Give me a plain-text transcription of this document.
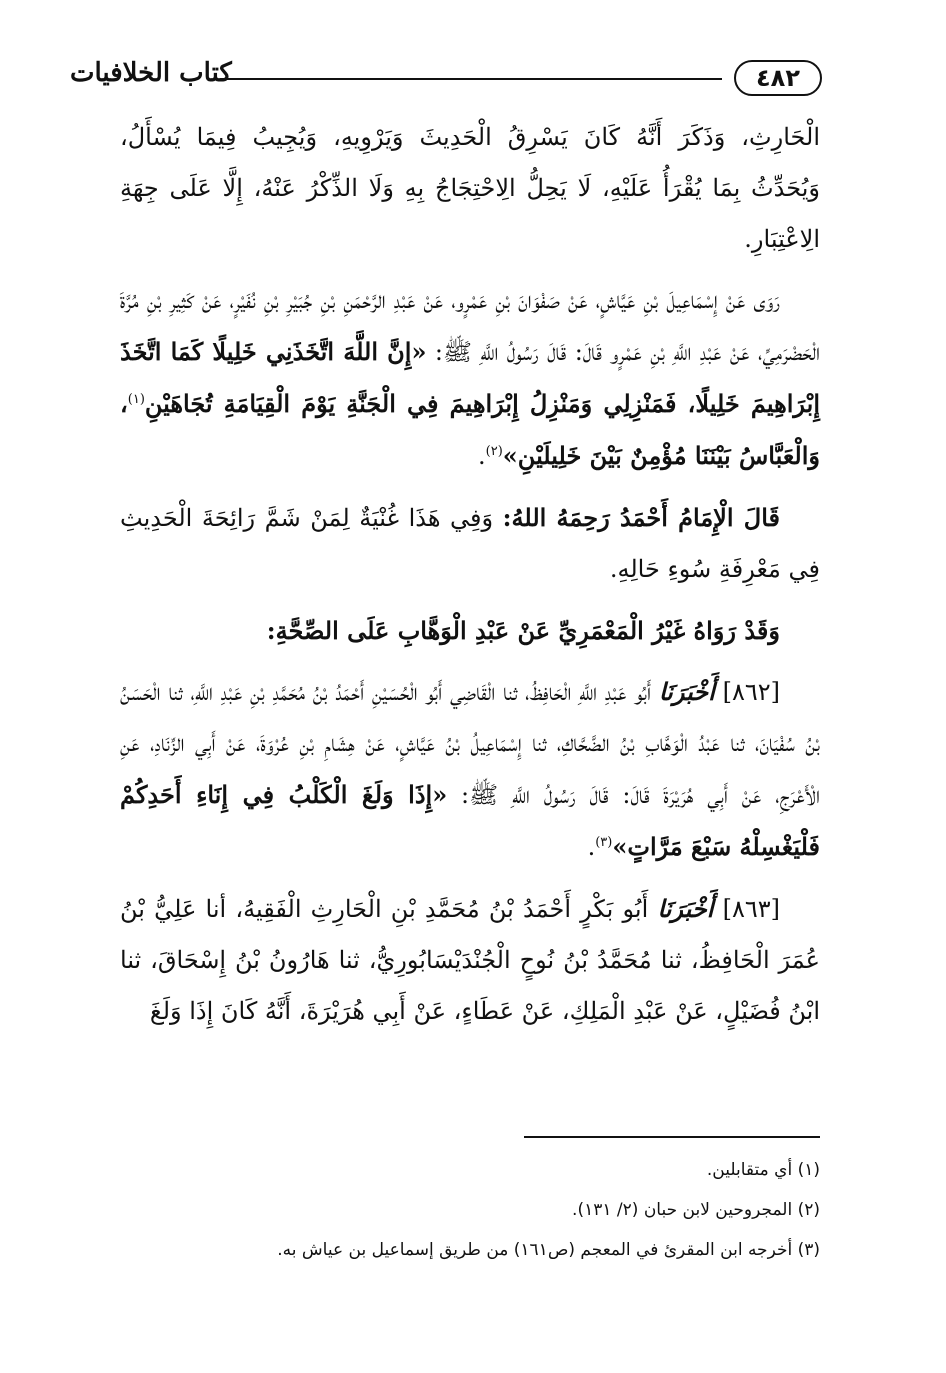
٤٨٢
كتاب الخلافيات

الْحَارِثِ، وَذَكَرَ أَنَّهُ كَانَ يَسْرِقُ الْحَدِيثَ وَيَرْوِيهِ، وَيُجِيبُ فِيمَا يُسْأَلُ، وَيُحَدِّثُ بِمَا يُقْرَأُ عَلَيْهِ، لَا يَحِلُّ الِاحْتِجَاجُ بِهِ وَلَا الذِّكْرُ عَنْهُ، إِلَّا عَلَى جِهَةِ الِاعْتِبَارِ.

رَوَى عَنْ إِسْمَاعِيلَ بْنِ عَيَّاشٍ، عَنْ صَفْوَانَ بْنِ عَمْرٍو، عَنْ عَبْدِ الرَّحْمَنِ بْنِ جُبَيْرِ بْنِ نُفَيْرٍ، عَنْ كَثِيرِ بْنِ مُرَّةَ الْحَضْرَمِيِّ، عَنْ عَبْدِ اللَّهِ بْنِ عَمْرٍو قَالَ: قَالَ رَسُولُ اللَّهِ ﷺ: «إِنَّ اللَّهَ اتَّخَذَنِي خَلِيلًا كَمَا اتَّخَذَ إِبْرَاهِيمَ خَلِيلًا، فَمَنْزِلِي وَمَنْزِلُ إِبْرَاهِيمَ فِي الْجَنَّةِ يَوْمَ الْقِيَامَةِ تُجَاهَيْنِ$^{(١)}$، وَالْعَبَّاسُ بَيْنَنَا مُؤْمِنٌ بَيْنَ خَلِيلَيْنِ»$^{(٢)}$.

قَالَ الْإِمَامُ أَحْمَدُ رَحِمَهُ اللهُ: وَفِي هَذَا غُنْيَةٌ لِمَنْ شَمَّ رَائِحَةَ الْحَدِيثِ فِي مَعْرِفَةِ سُوءِ حَالِهِ.

وَقَدْ رَوَاهُ غَيْرُ الْمَعْمَرِيِّ عَنْ عَبْدِ الْوَهَّابِ عَلَى الصِّحَّةِ:

[٨٦٢] أَخْبَرَنَا أَبُو عَبْدِ اللَّهِ الْحَافِظُ، ثنا الْقَاضِي أَبُو الْحُسَيْنِ أَحْمَدُ بْنُ مُحَمَّدِ بْنِ عَبْدِ اللَّهِ، ثنا الْحَسَنُ بْنُ سُفْيَانَ، ثنا عَبْدُ الْوَهَّابِ بْنُ الضَّحَّاكِ، ثنا إِسْمَاعِيلُ بْنُ عَيَّاشٍ، عَنْ هِشَامِ بْنِ عُرْوَةَ، عَنْ أَبِي الزِّنَادِ، عَنِ الْأَعْرَجِ، عَنْ أَبِي هُرَيْرَةَ قَالَ: قَالَ رَسُولُ اللَّهِ ﷺ: «إِذَا وَلَغَ الْكَلْبُ فِي إِنَاءِ أَحَدِكُمْ فَلْيَغْسِلْهُ سَبْعَ مَرَّاتٍ»$^{(٣)}$.

[٨٦٣] أَخْبَرَنَا أَبُو بَكْرٍ أَحْمَدُ بْنُ مُحَمَّدِ بْنِ الْحَارِثِ الْفَقِيهُ، أنا عَلِيُّ بْنُ عُمَرَ الْحَافِظُ، ثنا مُحَمَّدُ بْنُ نُوحٍ الْجُنْدَيْسَابُورِيُّ، ثنا هَارُونُ بْنُ إِسْحَاقَ، ثنا ابْنُ فُضَيْلٍ، عَنْ عَبْدِ الْمَلِكِ، عَنْ عَطَاءٍ، عَنْ أَبِي هُرَيْرَةَ، أَنَّهُ كَانَ إِذَا وَلَغَ

(١) أي متقابلين.
(٢) المجروحين لابن حبان (٢/ ١٣١).
(٣) أخرجه ابن المقرئ في المعجم (ص١٦١) من طريق إسماعيل بن عياش به.
